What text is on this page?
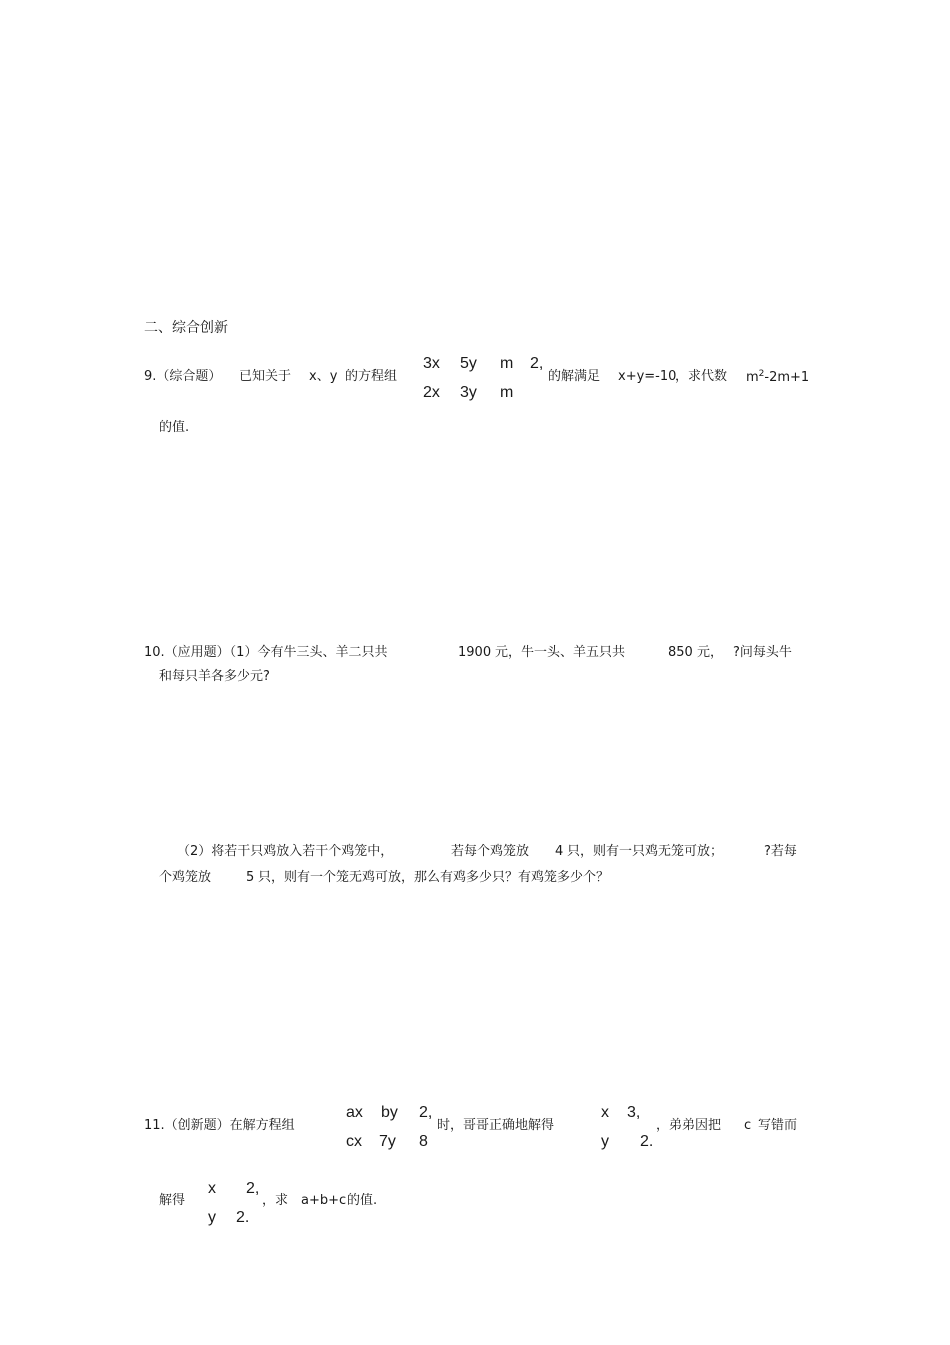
二、综合创新
9.（综合题） 已知关于 x、y 的方程组
3x 5y m 2,
2x 3y m
的解满足 x+y=-10
，求代数 $m^2-2m+1$
的值.
10.（应用题）（1）今有牛三头、羊二只共	1900 元，牛一头、羊五只共	850 元， ?问每头牛
和每只羊各多少元?
（2）将若干只鸡放入若干个鸡笼中，	若每个鸡笼放 4 只，则有一只鸡无笼可放；	?若每
个鸡笼放	5 只，则有一个笼无鸡可放，那么有鸡多少只？有鸡笼多少个？
11.（创新题）在解方程组
ax by 2,
cx 7y 8
时，哥哥正确地解得
x 3,
y 2.
，弟弟因把 c 写错而
解得
x 2,
y 2.
，求 a+b+c 的值.
